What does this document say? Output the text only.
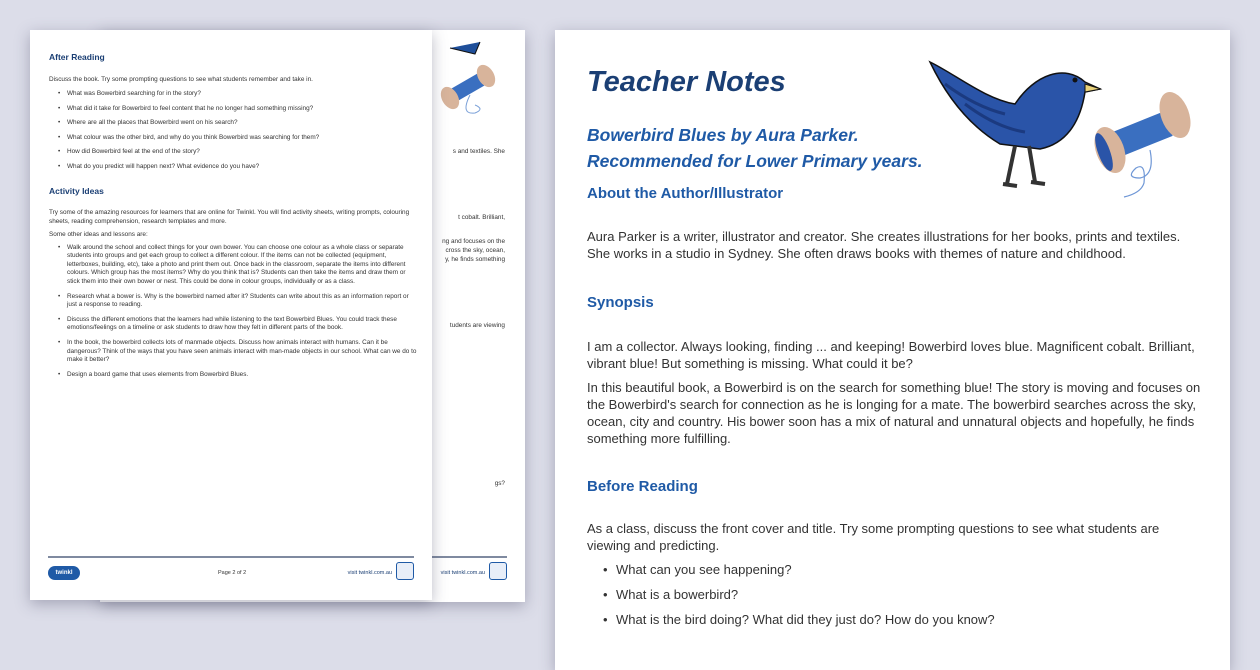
s and textiles. She
t cobalt. Brilliant,
ng and focuses on the
cross the sky, ocean,
y, he finds something
tudents are viewing
gs?
visit twinkl.com.au
After Reading
Discuss the book. Try some prompting questions to see what students remember and take in.
• What was Bowerbird searching for in the story?
• What did it take for Bowerbird to feel content that he no longer had something missing?
• Where are all the places that Bowerbird went on his search?
• What colour was the other bird, and why do you think Bowerbird was searching for them?
• How did Bowerbird feel at the end of the story?
• What do you predict will happen next? What evidence do you have?
Activity Ideas
Try some of the amazing resources for learners that are online for Twinkl. You will find activity sheets, writing prompts, colouring sheets, reading comprehension, research templates and more.
Some other ideas and lessons are:
• Walk around the school and collect things for your own bower. You can choose one colour as a whole class or separate students into groups and get each group to collect a different colour. If the items can not be collected (equipment, letterboxes, building, etc), take a photo and print them out. Once back in the classroom, separate the items into different colours. Which group has the most items? Why do you think that is? Students can then take the items and draw them or stick them into their own bower or nest. This could be done in colour groups, individually or as a class.
• Research what a bower is. Why is the bowerbird named after it? Students can write about this as an information report or just a response to reading.
• Discuss the different emotions that the learners had while listening to the text Bowerbird Blues. You could track these emotions/feelings on a timeline or ask students to draw how they felt in different parts of the book.
• In the book, the bowerbird collects lots of manmade objects. Discuss how animals interact with humans. Can it be dangerous? Think of the ways that you have seen animals interact with man-made objects in our school. What can we do to make it better?
• Design a board game that uses elements from Bowerbird Blues.
twinkl	Page 2 of 2	visit twinkl.com.au
Teacher Notes
Bowerbird Blues by Aura Parker.
Recommended for Lower Primary years.
About the Author/Illustrator

Aura Parker is a writer, illustrator and creator. She creates illustrations for her books, prints and textiles. She works in a studio in Sydney. She often draws books with themes of nature and childhood.

Synopsis

I am a collector. Always looking, finding ... and keeping! Bowerbird loves blue. Magnificent cobalt. Brilliant, vibrant blue! But something is missing. What could it be?

In this beautiful book, a Bowerbird is on the search for something blue! The story is moving and focuses on the Bowerbird's search for connection as he is longing for a mate. The bowerbird searches across the sky, ocean, city and country. His bower soon has a mix of natural and unnatural objects and hopefully, he finds something more fulfilling.

Before Reading

As a class, discuss the front cover and title. Try some prompting questions to see what students are viewing and predicting.

• What can you see happening?
• What is a bowerbird?
• What is the bird doing? What did they just do? How do you know?
